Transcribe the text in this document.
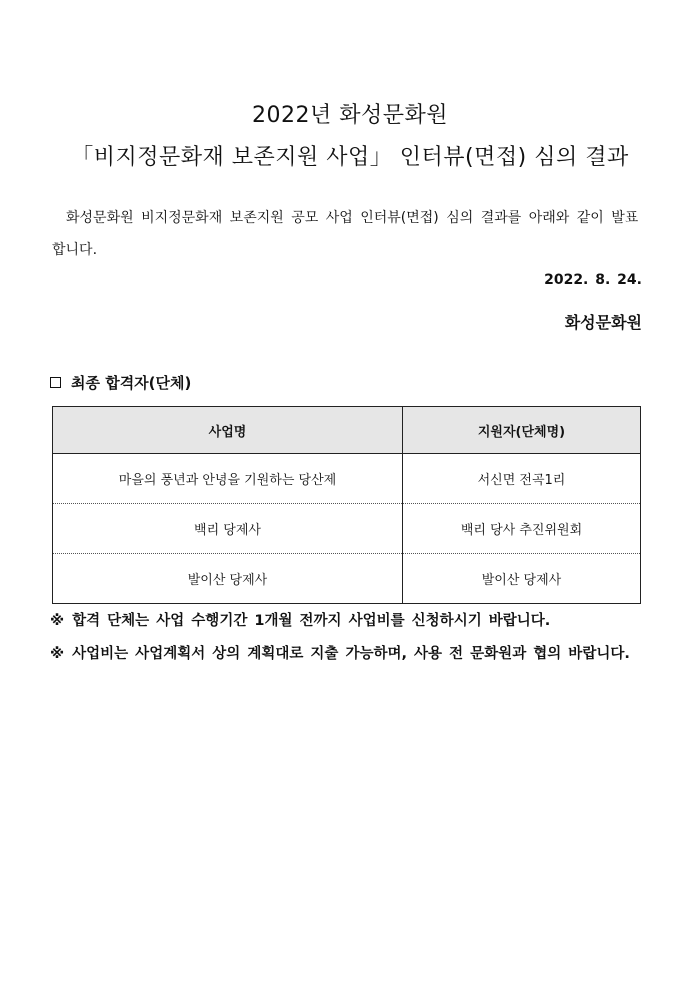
2022년 화성문화원
「비지정문화재 보존지원 사업」 인터뷰(면접) 심의 결과
화성문화원 비지정문화재 보존지원 공모 사업 인터뷰(면접) 심의 결과를 아래와 같이 발표합니다.
2022. 8. 24.
화성문화원
최종 합격자(단체)
사업명	지원자(단체명)
마을의 풍년과 안녕을 기원하는 당산제	서신면 전곡1리
백리 당제사	백리 당사 추진위원회
발이산 당제사	발이산 당제사
※ 합격 단체는 사업 수행기간 1개월 전까지 사업비를 신청하시기 바랍니다.
※ 사업비는 사업계획서 상의 계획대로 지출 가능하며, 사용 전 문화원과 협의 바랍니다.
